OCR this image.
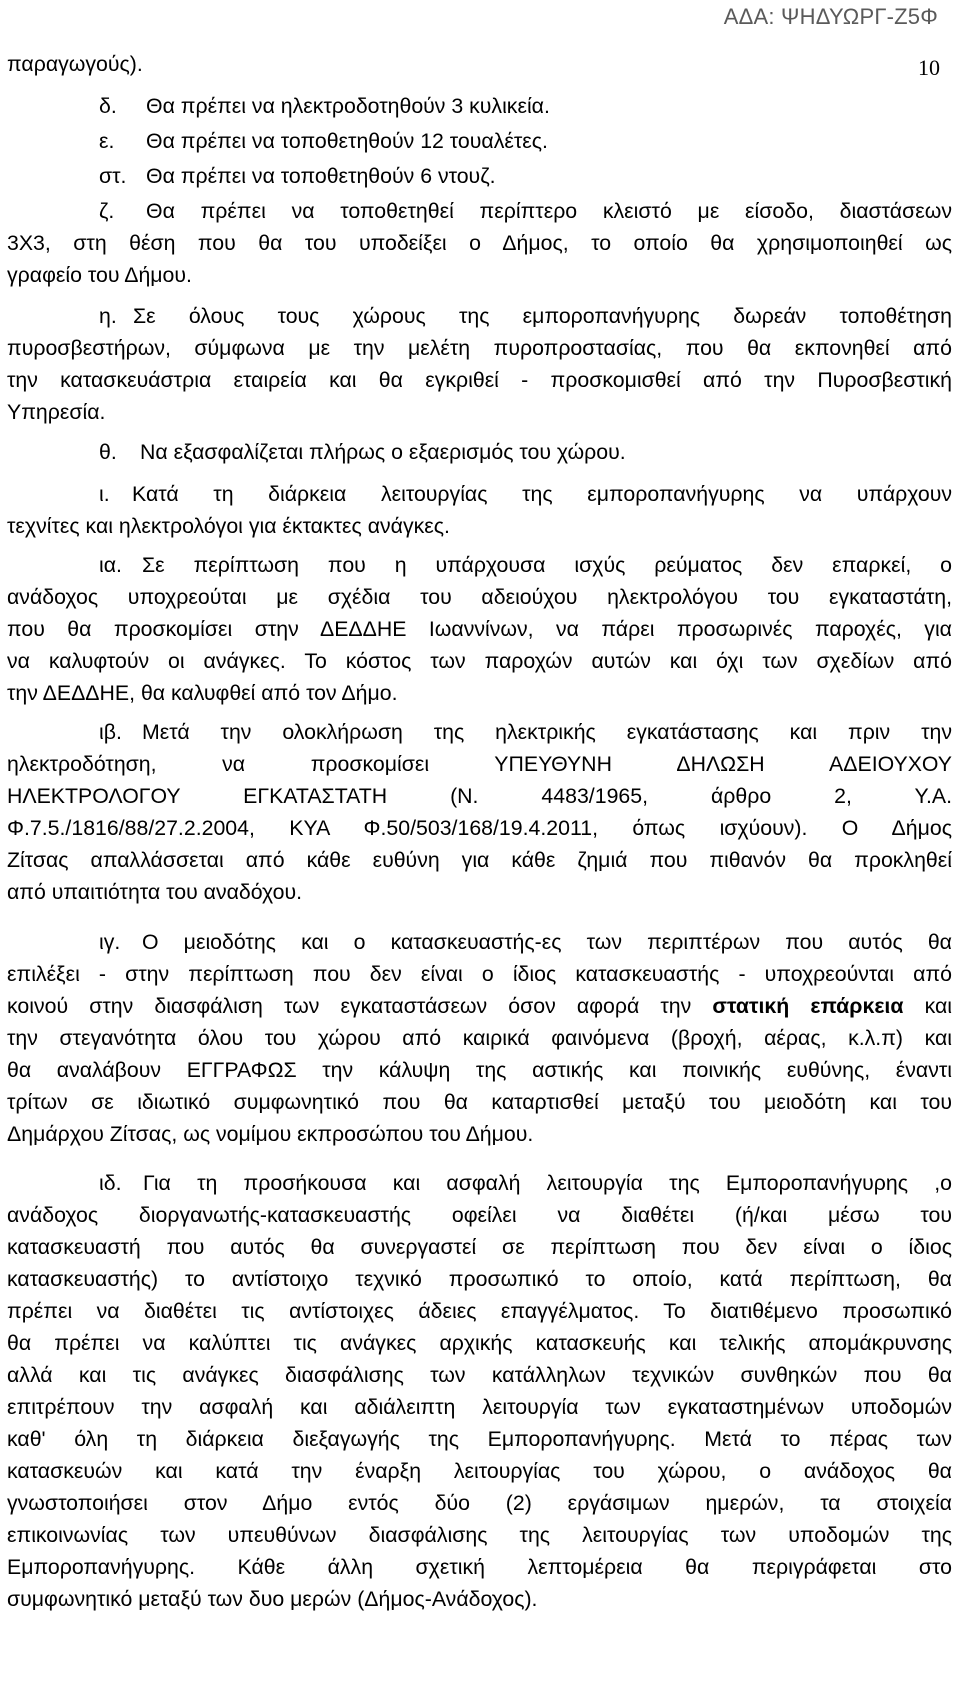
ΑΔΑ: ΨΗΔΥΩΡΓ-Ζ5Φ
10
παραγωγούς).
δ. Θα πρέπει να ηλεκτροδοτηθούν 3 κυλικεία.
ε. Θα πρέπει να τοποθετηθούν 12 τουαλέτες.
στ. Θα πρέπει να τοποθετηθούν 6 ντουζ.
ζ. Θα πρέπει να τοποθετηθεί περίπτερο κλειστό με είσοδο, διαστάσεων
3Χ3, στη θέση που θα του υποδείξει ο Δήμος, το οποίο θα χρησιμοποιηθεί ως
γραφείο του Δήμου.
η. Σε όλους τους χώρους της εμποροπανήγυρης δωρεάν τοποθέτηση
πυροσβεστήρων, σύμφωνα με την μελέτη πυροπροστασίας, που θα εκπονηθεί από
την κατασκευάστρια εταιρεία και θα εγκριθεί - προσκομισθεί από την Πυροσβεστική
Υπηρεσία.
θ. Να εξασφαλίζεται πλήρως ο εξαερισμός του χώρου.
ι. Κατά τη διάρκεια λειτουργίας της εμποροπανήγυρης να υπάρχουν
τεχνίτες και ηλεκτρολόγοι για έκτακτες ανάγκες.
ια. Σε περίπτωση που η υπάρχουσα ισχύς ρεύματος δεν επαρκεί, ο
ανάδοχος υποχρεούται με σχέδια του αδειούχου ηλεκτρολόγου του εγκαταστάτη,
που θα προσκομίσει στην ΔΕΔΔΗΕ Ιωαννίνων, να πάρει προσωρινές παροχές, για
να καλυφτούν οι ανάγκες. Το κόστος των παροχών αυτών και όχι των σχεδίων από
την ΔΕΔΔΗΕ, θα καλυφθεί από τον Δήμο.
ιβ. Μετά την ολοκλήρωση της ηλεκτρικής εγκατάστασης και πριν την
ηλεκτροδότηση, να προσκομίσει ΥΠΕΥΘΥΝΗ ΔΗΛΩΣΗ ΑΔΕΙΟΥΧΟΥ
ΗΛΕΚΤΡΟΛΟΓΟΥ ΕΓΚΑΤΑΣΤΑΤΗ (Ν. 4483/1965, άρθρο 2, Υ.Α.
Φ.7.5./1816/88/27.2.2004, ΚΥΑ Φ.50/503/168/19.4.2011, όπως ισχύουν). Ο Δήμος
Ζίτσας απαλλάσσεται από κάθε ευθύνη για κάθε ζημιά που πιθανόν θα προκληθεί
από υπαιτιότητα του αναδόχου.
ιγ. Ο μειοδότης και ο κατασκευαστής-ες των περιπτέρων που αυτός θα
επιλέξει - στην περίπτωση που δεν είναι ο ίδιος κατασκευαστής - υποχρεούνται από
κοινού στην διασφάλιση των εγκαταστάσεων όσον αφορά την στατική επάρκεια και
την στεγανότητα όλου του χώρου από καιρικά φαινόμενα (βροχή, αέρας, κ.λ.π) και
θα αναλάβουν ΕΓΓΡΑΦΩΣ την κάλυψη της αστικής και ποινικής ευθύνης, έναντι
τρίτων σε ιδιωτικό συμφωνητικό που θα καταρτισθεί μεταξύ του μειοδότη και του
Δημάρχου Ζίτσας, ως νομίμου εκπροσώπου του Δήμου.
ιδ. Για τη προσήκουσα και ασφαλή λειτουργία της Εμποροπανήγυρης ,ο
ανάδοχος διοργανωτής-κατασκευαστής οφείλει να διαθέτει (ή/και μέσω του
κατασκευαστή που αυτός θα συνεργαστεί σε περίπτωση που δεν είναι ο ίδιος
κατασκευαστής) το αντίστοιχο τεχνικό προσωπικό το οποίο, κατά περίπτωση, θα
πρέπει να διαθέτει τις αντίστοιχες άδειες επαγγέλματος. Το διατιθέμενο προσωπικό
θα πρέπει να καλύπτει τις ανάγκες αρχικής κατασκευής και τελικής απομάκρυνσης
αλλά και τις ανάγκες διασφάλισης των κατάλληλων τεχνικών συνθηκών που θα
επιτρέπουν την ασφαλή και αδιάλειπτη λειτουργία των εγκαταστημένων υποδομών
καθ' όλη τη διάρκεια διεξαγωγής της Εμποροπανήγυρης. Μετά το πέρας των
κατασκευών και κατά την έναρξη λειτουργίας του χώρου, ο ανάδοχος θα
γνωστοποιήσει στον Δήμο εντός δύο (2) εργάσιμων ημερών, τα στοιχεία
επικοινωνίας των υπευθύνων διασφάλισης της λειτουργίας των υποδομών της
Εμποροπανήγυρης. Κάθε άλλη σχετική λεπτομέρεια θα περιγράφεται στο
συμφωνητικό μεταξύ των δυο μερών (Δήμος-Ανάδοχος).
